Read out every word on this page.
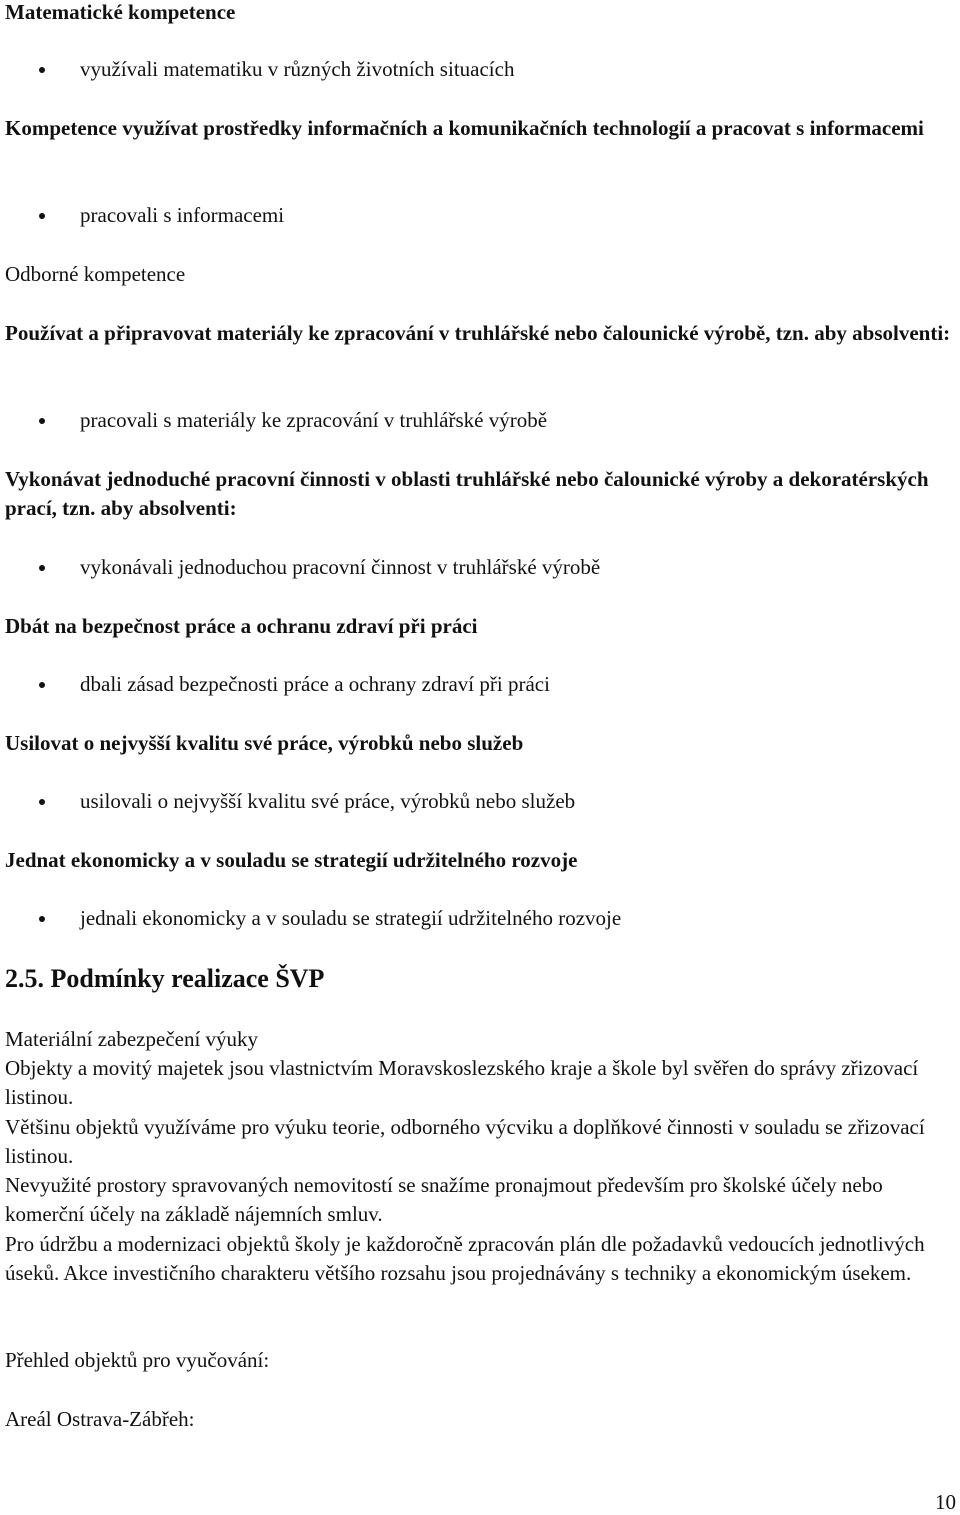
Matematické kompetence

využívali matematiku v různých životních situacích

Kompetence využívat prostředky informačních a komunikačních technologií a pracovat s informacemi

pracovali s informacemi

Odborné kompetence

Používat a připravovat materiály ke zpracování v truhlářské nebo čalounické výrobě, tzn. aby absolventi:

pracovali s materiály ke zpracování v truhlářské výrobě

Vykonávat jednoduché pracovní činnosti v oblasti truhlářské nebo čalounické výroby a dekoratérských prací, tzn. aby absolventi:

vykonávali jednoduchou pracovní činnost v truhlářské výrobě

Dbát na bezpečnost práce a ochranu zdraví při práci

dbali zásad bezpečnosti práce a ochrany zdraví při práci

Usilovat o nejvyšší kvalitu své práce, výrobků nebo služeb

usilovali o nejvyšší kvalitu své práce, výrobků nebo služeb

Jednat ekonomicky a v souladu se strategií udržitelného rozvoje

jednali ekonomicky a v souladu se strategií udržitelného rozvoje

2.5. Podmínky realizace ŠVP

Materiální zabezpečení výuky

Objekty a movitý majetek jsou vlastnictvím Moravskoslezského kraje a škole byl svěřen do správy zřizovací listinou.

Většinu objektů využíváme pro výuku teorie, odborného výcviku a doplňkové činnosti v souladu se zřizovací listinou.

Nevyužité prostory spravovaných nemovitostí se snažíme pronajmout především pro školské účely nebo komerční účely na základě nájemních smluv.

Pro údržbu a modernizaci objektů školy je každoročně zpracován plán dle požadavků vedoucích jednotlivých úseků. Akce investičního charakteru většího rozsahu jsou projednávány s techniky a ekonomickým úsekem.

Přehled objektů pro vyučování:

Areál Ostrava-Zábřeh:

10
